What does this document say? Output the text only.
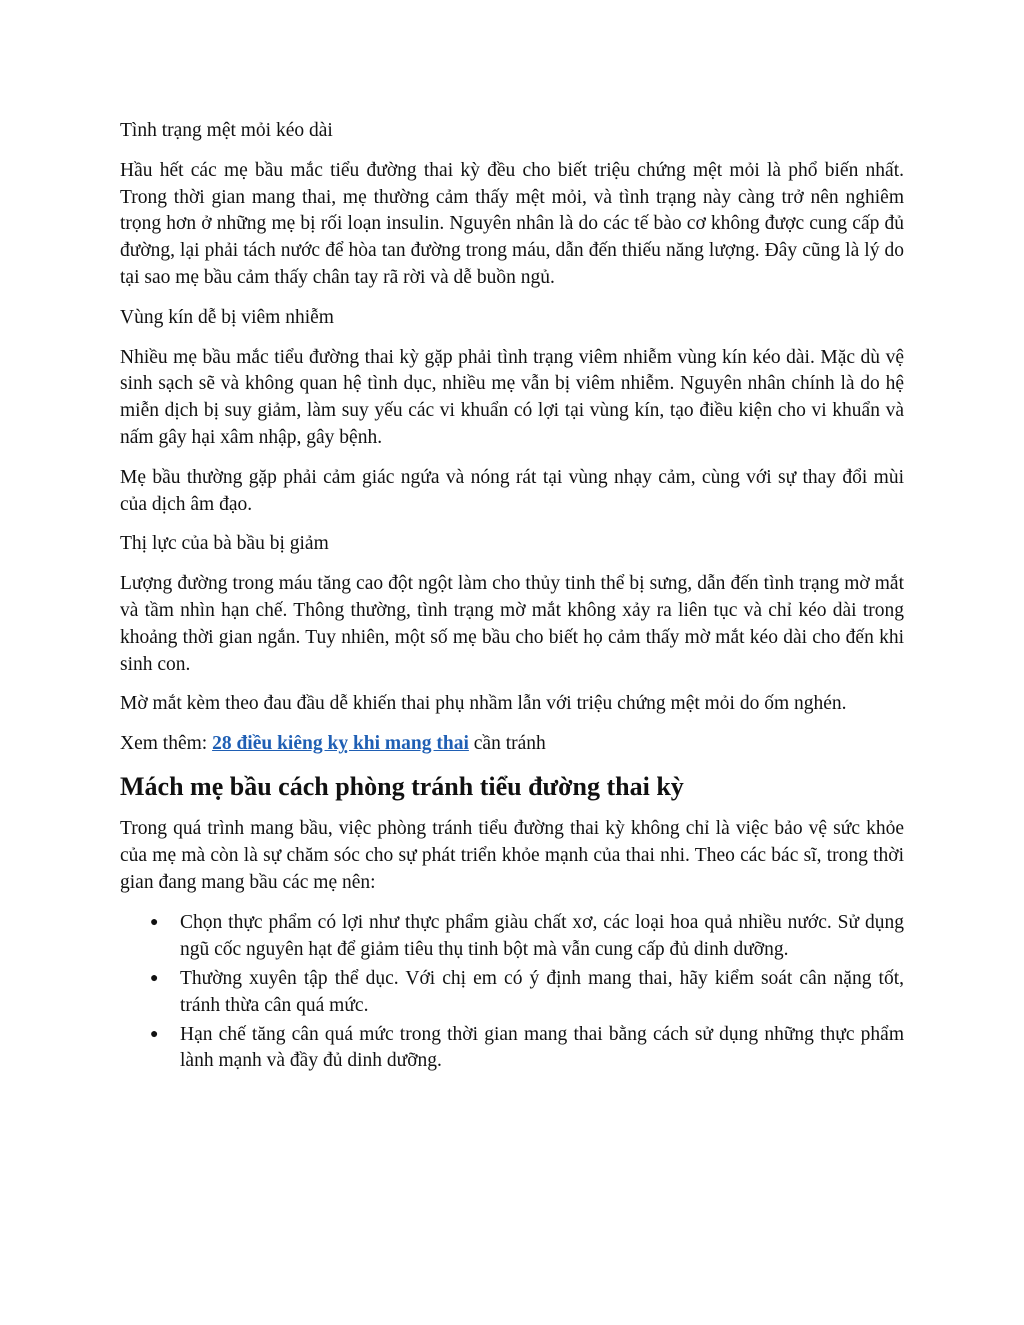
Tình trạng mệt mỏi kéo dài

Hầu hết các mẹ bầu mắc tiểu đường thai kỳ đều cho biết triệu chứng mệt mỏi là phổ biến nhất. Trong thời gian mang thai, mẹ thường cảm thấy mệt mỏi, và tình trạng này càng trở nên nghiêm trọng hơn ở những mẹ bị rối loạn insulin. Nguyên nhân là do các tế bào cơ không được cung cấp đủ đường, lại phải tách nước để hòa tan đường trong máu, dẫn đến thiếu năng lượng. Đây cũng là lý do tại sao mẹ bầu cảm thấy chân tay rã rời và dễ buồn ngủ.

Vùng kín dễ bị viêm nhiễm

Nhiều mẹ bầu mắc tiểu đường thai kỳ gặp phải tình trạng viêm nhiễm vùng kín kéo dài. Mặc dù vệ sinh sạch sẽ và không quan hệ tình dục, nhiều mẹ vẫn bị viêm nhiễm. Nguyên nhân chính là do hệ miễn dịch bị suy giảm, làm suy yếu các vi khuẩn có lợi tại vùng kín, tạo điều kiện cho vi khuẩn và nấm gây hại xâm nhập, gây bệnh.

Mẹ bầu thường gặp phải cảm giác ngứa và nóng rát tại vùng nhạy cảm, cùng với sự thay đổi mùi của dịch âm đạo.

Thị lực của bà bầu bị giảm

Lượng đường trong máu tăng cao đột ngột làm cho thủy tinh thể bị sưng, dẫn đến tình trạng mờ mắt và tầm nhìn hạn chế. Thông thường, tình trạng mờ mắt không xảy ra liên tục và chỉ kéo dài trong khoảng thời gian ngắn. Tuy nhiên, một số mẹ bầu cho biết họ cảm thấy mờ mắt kéo dài cho đến khi sinh con.

Mờ mắt kèm theo đau đầu dễ khiến thai phụ nhầm lẫn với triệu chứng mệt mỏi do ốm nghén.

Xem thêm: 28 điều kiêng kỵ khi mang thai cần tránh

Mách mẹ bầu cách phòng tránh tiểu đường thai kỳ

Trong quá trình mang bầu, việc phòng tránh tiểu đường thai kỳ không chỉ là việc bảo vệ sức khỏe của mẹ mà còn là sự chăm sóc cho sự phát triển khỏe mạnh của thai nhi. Theo các bác sĩ, trong thời gian đang mang bầu các mẹ nên:

● Chọn thực phẩm có lợi như thực phẩm giàu chất xơ, các loại hoa quả nhiều nước. Sử dụng ngũ cốc nguyên hạt để giảm tiêu thụ tinh bột mà vẫn cung cấp đủ dinh dưỡng.
● Thường xuyên tập thể dục. Với chị em có ý định mang thai, hãy kiểm soát cân nặng tốt, tránh thừa cân quá mức.
● Hạn chế tăng cân quá mức trong thời gian mang thai bằng cách sử dụng những thực phẩm lành mạnh và đầy đủ dinh dưỡng.
